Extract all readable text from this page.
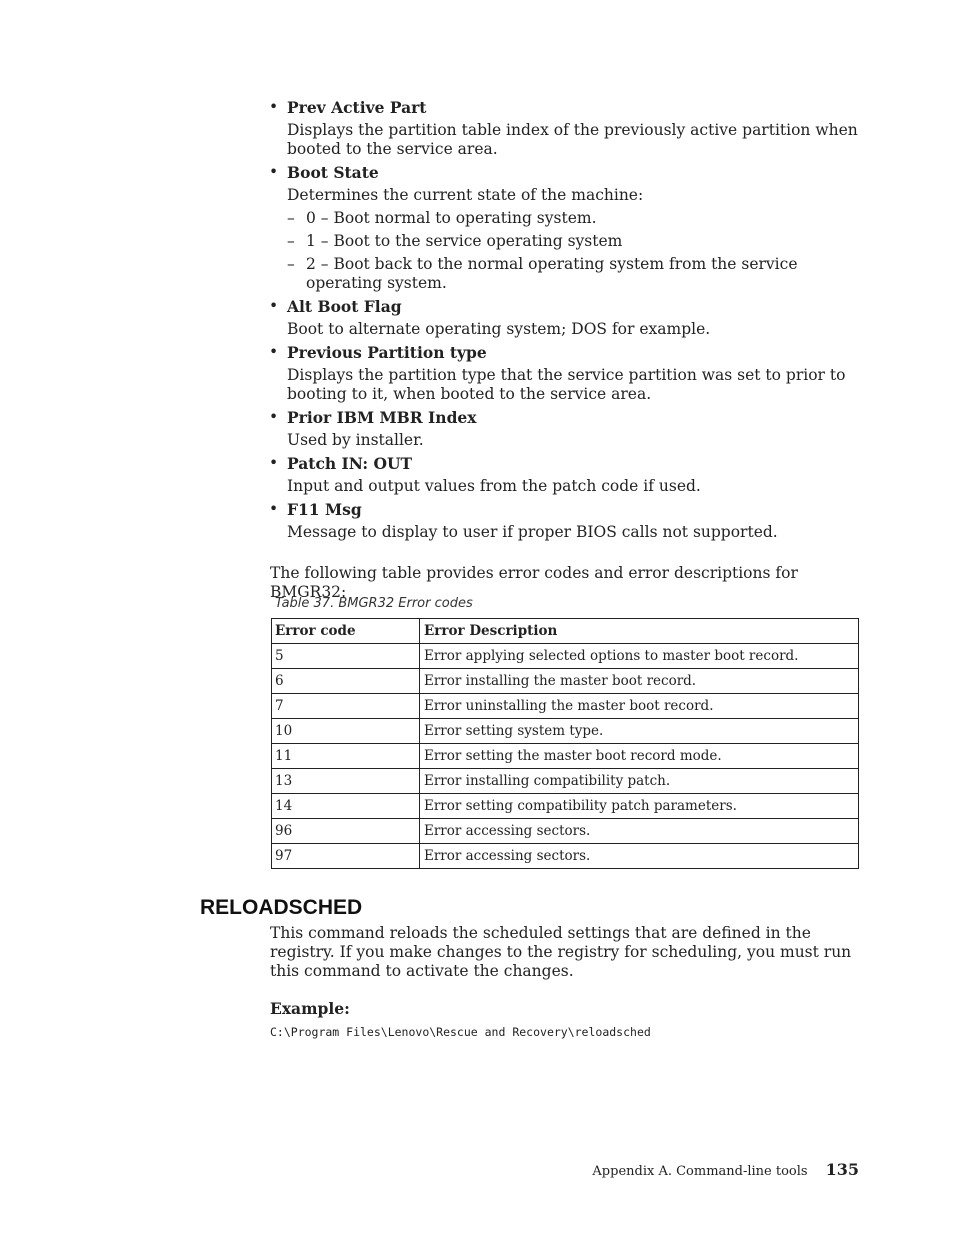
• Prev Active Part

Displays the partition table index of the previously active partition when booted to the service area.

• Boot State

Determines the current state of the machine:

– 0 – Boot normal to operating system.
– 1 – Boot to the service operating system
– 2 – Boot back to the normal operating system from the service operating system.
• Alt Boot Flag

Boot to alternate operating system; DOS for example.

• Previous Partition type

Displays the partition type that the service partition was set to prior to booting to it, when booted to the service area.

• Prior IBM MBR Index

Used by installer.

• Patch IN: OUT

Input and output values from the patch code if used.

• F11 Msg

Message to display to user if proper BIOS calls not supported.

The following table provides error codes and error descriptions for BMGR32:

Table 37. BMGR32 Error codes
Error code	Error Description
5	Error applying selected options to master boot record.
6	Error installing the master boot record.
7	Error uninstalling the master boot record.
10	Error setting system type.
11	Error setting the master boot record mode.
13	Error installing compatibility patch.
14	Error setting compatibility patch parameters.
96	Error accessing sectors.
97	Error accessing sectors.
RELOADSCHED

This command reloads the scheduled settings that are defined in the registry. If you make changes to the registry for scheduling, you must run this command to activate the changes.

Example:

C:\Program Files\Lenovo\Rescue and Recovery\reloadsched
Appendix A. Command-line tools 135
